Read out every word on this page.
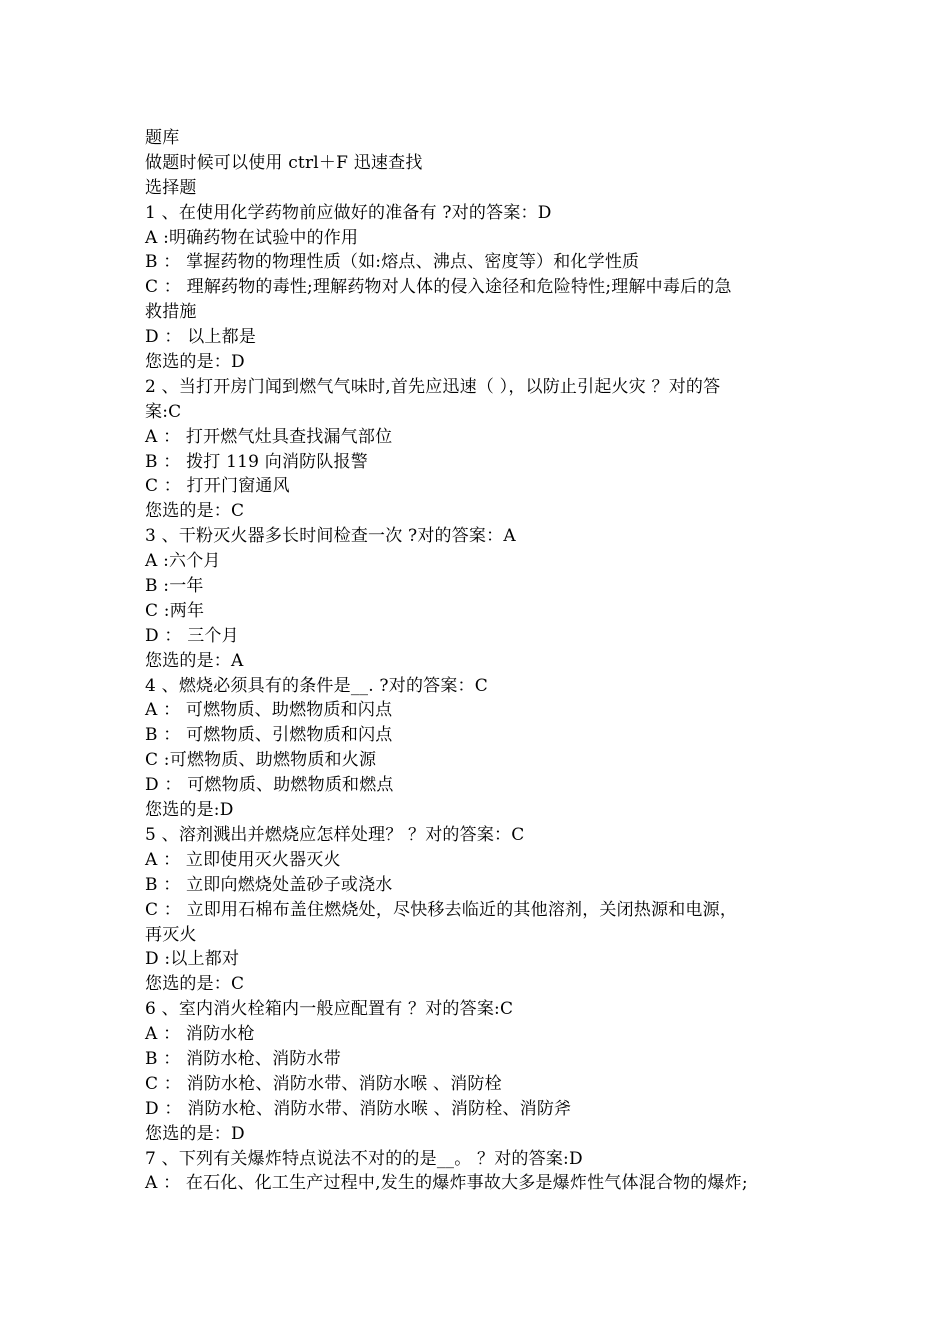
题库
做题时候可以使用 ctrl＋F 迅速查找
选择题
1 、在使用化学药物前应做好的准备有 ?对的答案：D
A :明确药物在试验中的作用
B ： 掌握药物的物理性质（如:熔点、沸点、密度等）和化学性质
C ： 理解药物的毒性;理解药物对人体的侵入途径和危险特性;理解中毒后的急
救措施
D ： 以上都是
您选的是：D
2 、当打开房门闻到燃气气味时,首先应迅速（ ），以防止引起火灾 ？对的答
案:C
A ： 打开燃气灶具查找漏气部位
B ： 拨打 119 向消防队报警
C ： 打开门窗通风
您选的是：C
3 、干粉灭火器多长时间检查一次 ?对的答案：A
A :六个月
B :一年
C :两年
D ： 三个月
您选的是：A
4 、燃烧必须具有的条件是__. ?对的答案：C
A ： 可燃物质、助燃物质和闪点
B ： 可燃物质、引燃物质和闪点
C :可燃物质、助燃物质和火源
D ： 可燃物质、助燃物质和燃点
您选的是:D
5 、溶剂溅出并燃烧应怎样处理？ ？对的答案：C
A ： 立即使用灭火器灭火
B ： 立即向燃烧处盖砂子或浇水
C ： 立即用石棉布盖住燃烧处，尽快移去临近的其他溶剂，关闭热源和电源，
再灭火
D :以上都对
您选的是：C
6 、室内消火栓箱内一般应配置有 ？对的答案:C
A ： 消防水枪
B ： 消防水枪、消防水带
C ： 消防水枪、消防水带、消防水喉 、消防栓
D ： 消防水枪、消防水带、消防水喉 、消防栓、消防斧
您选的是：D
7 、下列有关爆炸特点说法不对的的是__。 ？对的答案:D
A ： 在石化、化工生产过程中,发生的爆炸事故大多是爆炸性气体混合物的爆炸;
